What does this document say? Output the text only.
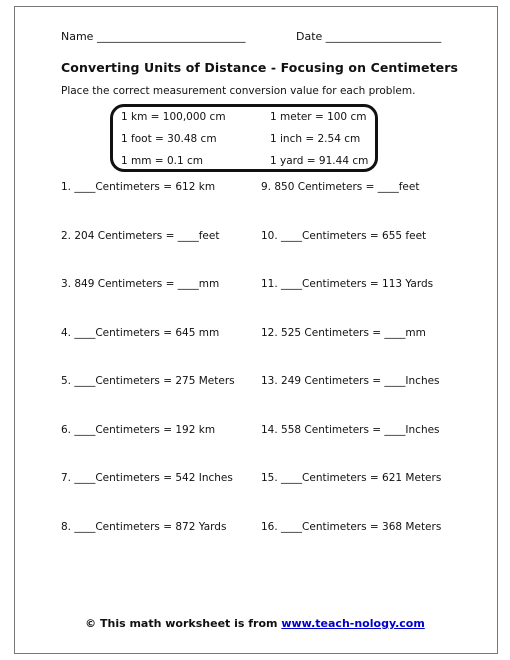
Name ___________________________	Date _____________________
Converting Units of Distance - Focusing on Centimeters
Place the correct measurement conversion value for each problem.
1 km = 100,000 cm	1 meter = 100 cm
1 foot = 30.48 cm	1 inch = 2.54 cm
1 mm = 0.1 cm	1 yard = 91.44 cm
1. ____Centimeters = 612 km
2. 204 Centimeters = ____feet
3. 849 Centimeters = ____mm
4. ____Centimeters = 645 mm
5. ____Centimeters = 275 Meters
6. ____Centimeters = 192 km
7. ____Centimeters = 542 Inches
8. ____Centimeters = 872 Yards
9. 850 Centimeters = ____feet
10. ____Centimeters = 655 feet
11. ____Centimeters = 113 Yards
12. 525 Centimeters = ____mm
13. 249 Centimeters = ____Inches
14. 558 Centimeters = ____Inches
15. ____Centimeters = 621 Meters
16. ____Centimeters = 368 Meters
© This math worksheet is from www.teach-nology.com
